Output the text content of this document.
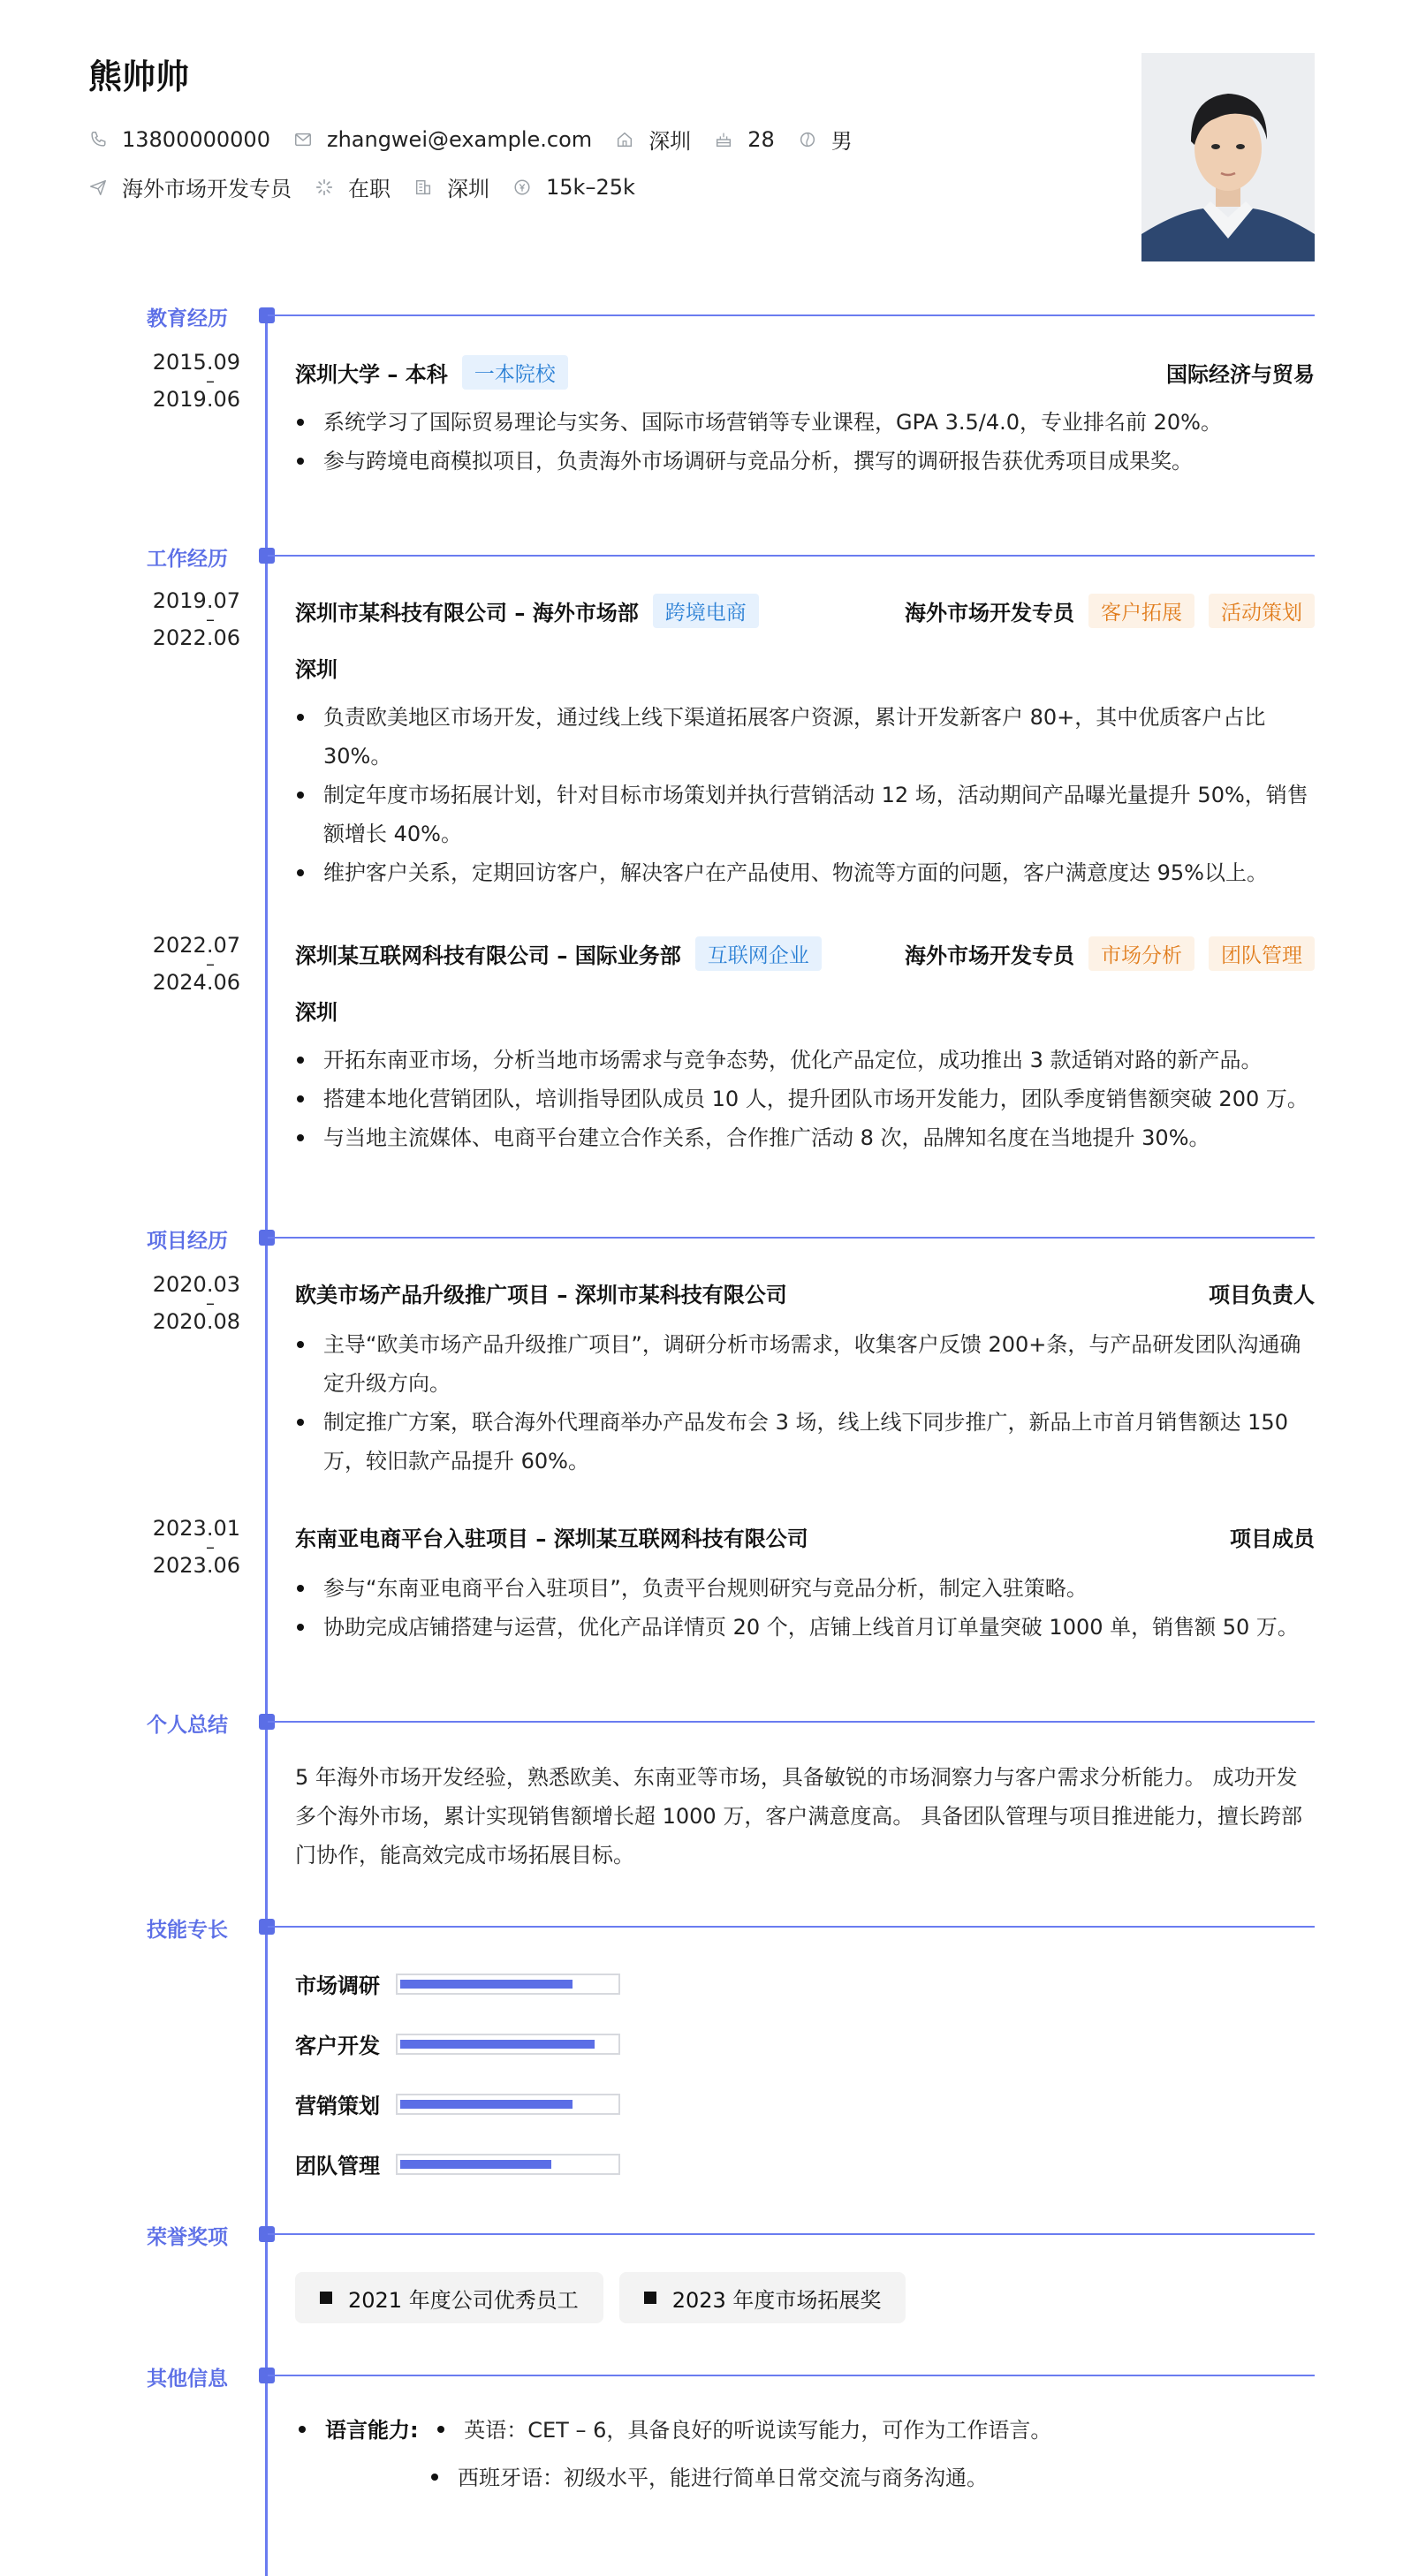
熊帅帅
13800000000	zhangwei@example.com	深圳	28	男
海外市场开发专员	在职	深圳	15k–25k
教育经历
2015.09
–
2019.06
深圳大学 – 本科	一本院校	国际经济与贸易
系统学习了国际贸易理论与实务、国际市场营销等专业课程，GPA 3.5/4.0，专业排名前 20%。
参与跨境电商模拟项目，负责海外市场调研与竞品分析，撰写的调研报告获优秀项目成果奖。
工作经历
2019.07
–
2022.06
深圳市某科技有限公司 – 海外市场部	跨境电商	海外市场开发专员	客户拓展	活动策划
深圳
负责欧美地区市场开发，通过线上线下渠道拓展客户资源，累计开发新客户 80+，其中优质客户占比 30%。
制定年度市场拓展计划，针对目标市场策划并执行营销活动 12 场，活动期间产品曝光量提升 50%，销售额增长 40%。
维护客户关系，定期回访客户，解决客户在产品使用、物流等方面的问题，客户满意度达 95%以上。
2022.07
–
2024.06
深圳某互联网科技有限公司 – 国际业务部	互联网企业	海外市场开发专员	市场分析	团队管理
深圳
开拓东南亚市场，分析当地市场需求与竞争态势，优化产品定位，成功推出 3 款适销对路的新产品。
搭建本地化营销团队，培训指导团队成员 10 人，提升团队市场开发能力，团队季度销售额突破 200 万。
与当地主流媒体、电商平台建立合作关系，合作推广活动 8 次，品牌知名度在当地提升 30%。
项目经历
2020.03
–
2020.08
欧美市场产品升级推广项目 – 深圳市某科技有限公司	项目负责人
主导“欧美市场产品升级推广项目”，调研分析市场需求，收集客户反馈 200+条，与产品研发团队沟通确定升级方向。
制定推广方案，联合海外代理商举办产品发布会 3 场，线上线下同步推广，新品上市首月销售额达 150 万，较旧款产品提升 60%。
2023.01
–
2023.06
东南亚电商平台入驻项目 – 深圳某互联网科技有限公司	项目成员
参与“东南亚电商平台入驻项目”，负责平台规则研究与竞品分析，制定入驻策略。
协助完成店铺搭建与运营，优化产品详情页 20 个，店铺上线首月订单量突破 1000 单，销售额 50 万。
个人总结
5 年海外市场开发经验，熟悉欧美、东南亚等市场，具备敏锐的市场洞察力与客户需求分析能力。 成功开发多个海外市场，累计实现销售额增长超 1000 万，客户满意度高。 具备团队管理与项目推进能力，擅长跨部门协作，能高效完成市场拓展目标。
技能专长
市场调研
客户开发
营销策划
团队管理
荣誉奖项
2021 年度公司优秀员工	2023 年度市场拓展奖
其他信息
语言能力: 英语：CET – 6，具备良好的听说读写能力，可作为工作语言。
西班牙语：初级水平，能进行简单日常交流与商务沟通。
